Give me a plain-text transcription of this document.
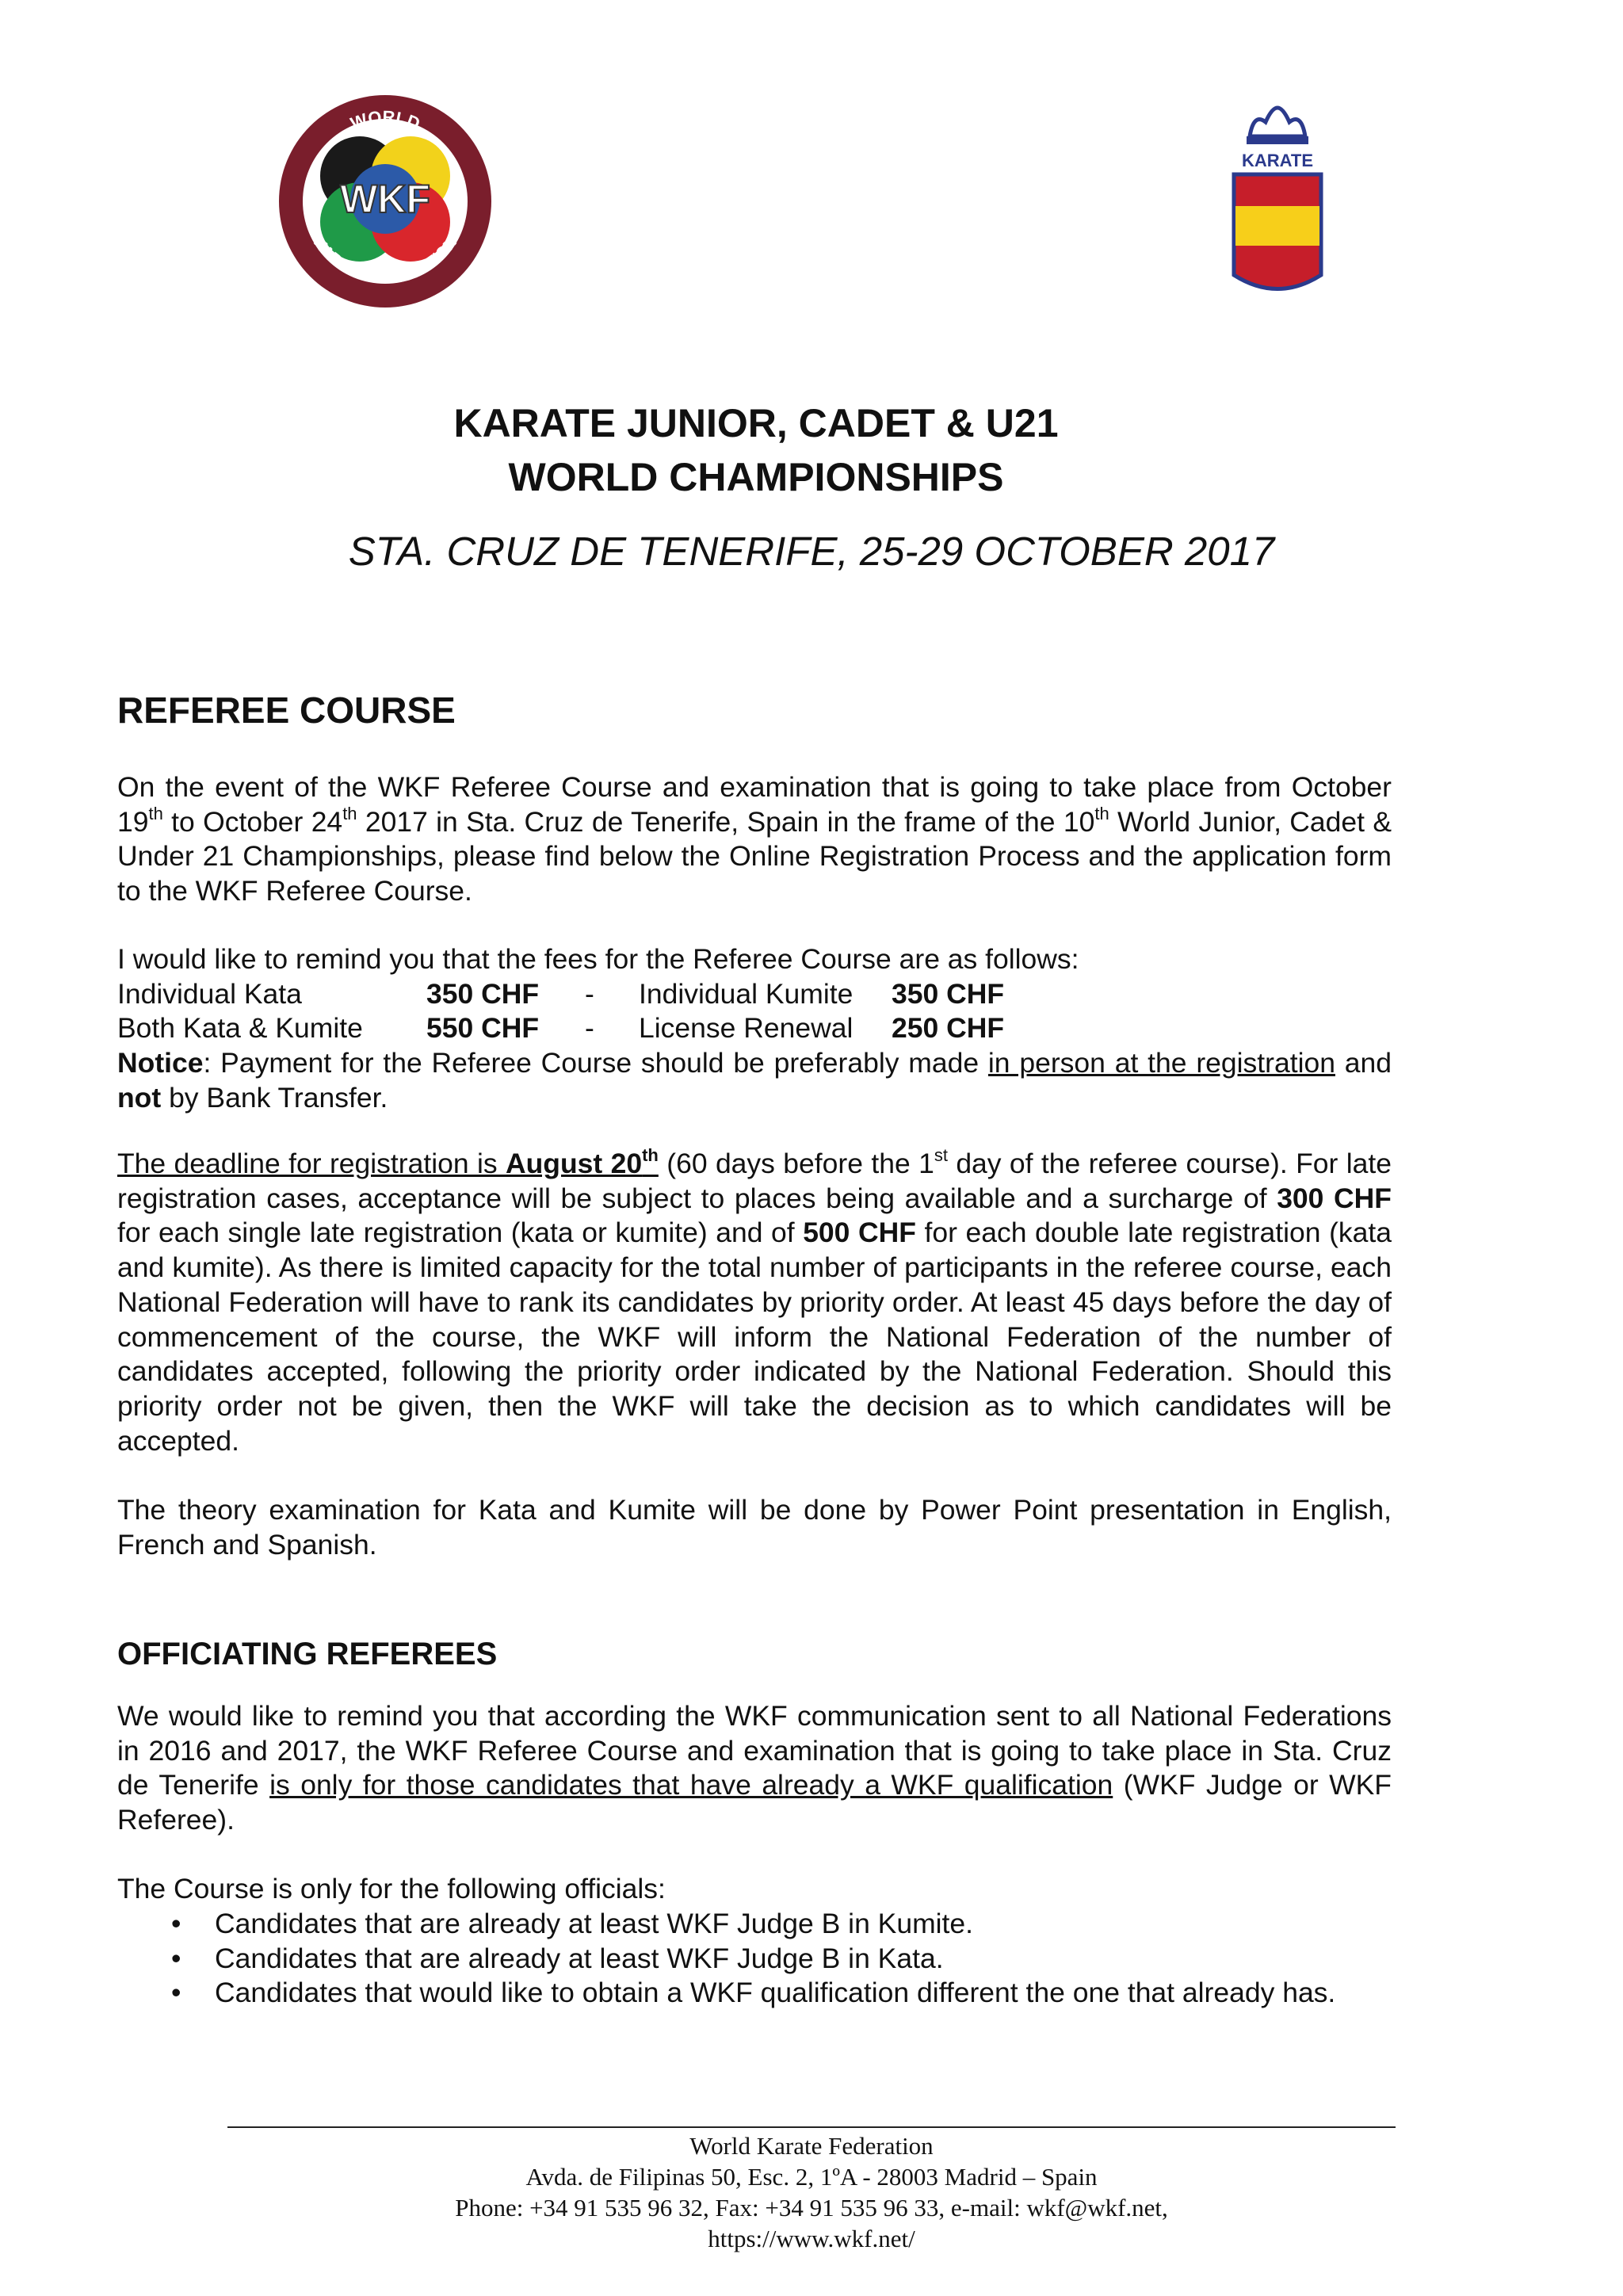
WKF
WORLD
KARATE FEDERATION
KARATE
KARATE JUNIOR, CADET & U21
WORLD CHAMPIONSHIPS
STA. CRUZ DE TENERIFE, 25-29 OCTOBER 2017
REFEREE COURSE
On the event of the WKF Referee Course and examination that is going to take place from October 19th to October 24th 2017 in Sta. Cruz de Tenerife, Spain in the frame of the 10th World Junior, Cadet & Under 21 Championships, please find below the Online Registration Process and the application form to the WKF Referee Course.
I would like to remind you that the fees for the Referee Course are as follows:
Individual Kata	350 CHF - Individual Kumite 350 CHF
Both Kata & Kumite 550 CHF - License Renewal 250 CHF
Notice: Payment for the Referee Course should be preferably made in person at the registration and not by Bank Transfer.
The deadline for registration is August 20th (60 days before the 1st day of the referee course). For late registration cases, acceptance will be subject to places being available and a surcharge of 300 CHF for each single late registration (kata or kumite) and of 500 CHF for each double late registration (kata and kumite). As there is limited capacity for the total number of participants in the referee course, each National Federation will have to rank its candidates by priority order. At least 45 days before the day of commencement of the course, the WKF will inform the National Federation of the number of candidates accepted, following the priority order indicated by the National Federation. Should this priority order not be given, then the WKF will take the decision as to which candidates will be accepted.
The theory examination for Kata and Kumite will be done by Power Point presentation in English, French and Spanish.
OFFICIATING REFEREES
We would like to remind you that according the WKF communication sent to all National Federations in 2016 and 2017, the WKF Referee Course and examination that is going to take place in Sta. Cruz de Tenerife is only for those candidates that have already a WKF qualification (WKF Judge or WKF Referee).
The Course is only for the following officials:
• Candidates that are already at least WKF Judge B in Kumite.
• Candidates that are already at least WKF Judge B in Kata.
• Candidates that would like to obtain a WKF qualification different the one that already has.
World Karate Federation
Avda. de Filipinas 50, Esc. 2, 1ºA - 28003 Madrid – Spain
Phone: +34 91 535 96 32, Fax: +34 91 535 96 33, e-mail: wkf@wkf.net,
https://www.wkf.net/
